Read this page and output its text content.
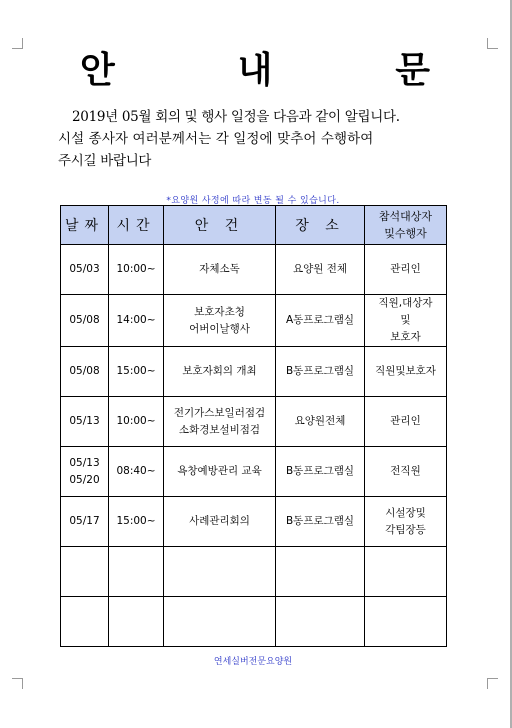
안	내	문
2019년 05월 회의 및 행사 일정을 다음과 같이 알립니다.
시설 종사자 여러분께서는 각 일정에 맞추어 수행하여
주시길 바랍니다
*요양원 사정에 따라 변동 될 수 있습니다.
날짜	시간	안 건	장 소	참석대상자
및수행자
05/03	10:00~	자체소독	요양원 전체	관리인
05/08	14:00~	보호자초청
어버이날행사	A동프로그램실	직원,대상자
및
보호자
05/08	15:00~	보호자회의 개최	B동프로그램실	직원및보호자
05/13	10:00~	전기가스보일러점검
소화경보설비점검	요양원전체	관리인
05/13
05/20	08:40~	욕창예방관리 교육	B동프로그램실	전직원
05/17	15:00~	사례관리회의	B동프로그램실	시설장및
각팀장등

연세실버전문요양원
